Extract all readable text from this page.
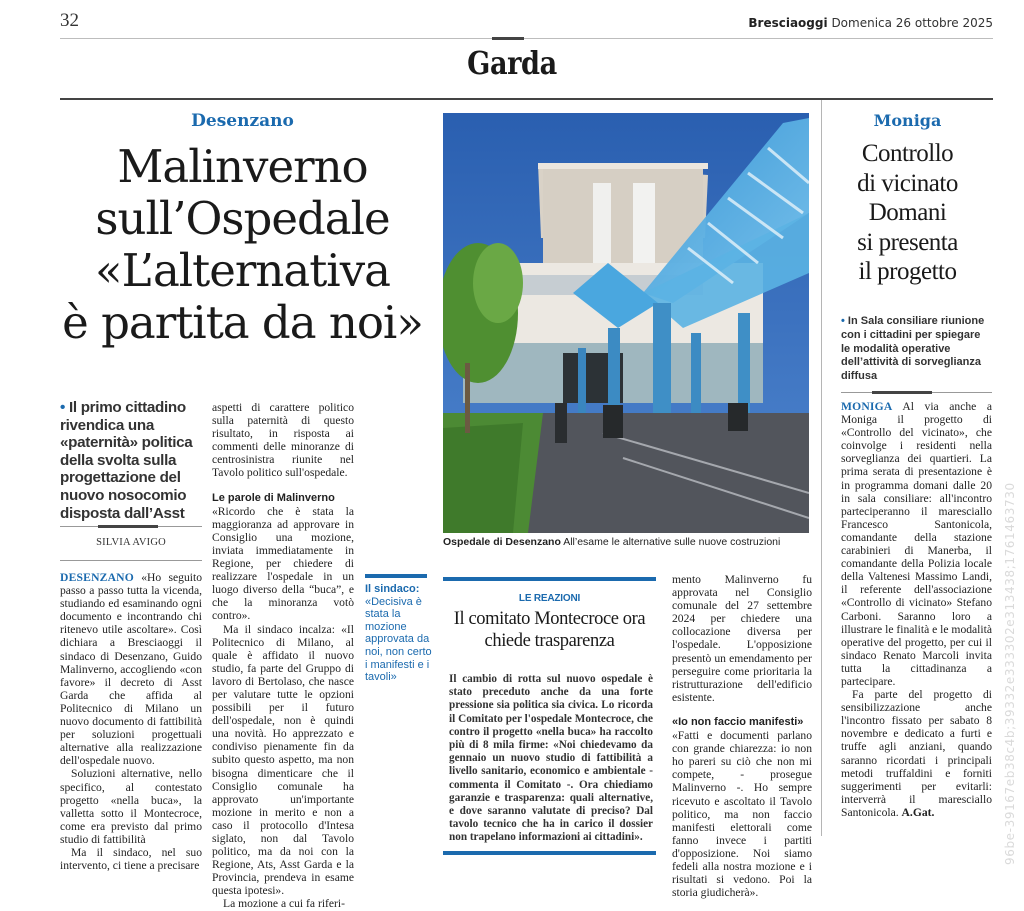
32	Bresciaoggi Domenica 26 ottobre 2025
Garda
Desenzano
Malinverno
sull’Ospedale
«L’alternativa
è partita da noi»
• Il primo cittadino rivendica una «paternità» politica della svolta sulla progettazione del nuovo nosocomio disposta dall’Asst
SILVIA AVIGO

DESENZANO «Ho seguito passo a passo tutta la vicenda, studiando ed esaminando ogni documento e incontrando chi ritenevo utile ascoltare». Così dichiara a Bresciaoggi il sindaco di Desenzano, Guido Malinverno, accogliendo «con favore» il decreto di Asst Garda che affida al Politecnico di Milano un nuovo documento di fattibilità per soluzioni progettuali alternative alla realizzazione dell'ospedale nuovo.

Soluzioni alternative, nello specifico, al contestato progetto «nella buca», la valletta sotto il Montecroce, come era previsto dal primo studio di fattibilità

Ma il sindaco, nel suo intervento, ci tiene a precisare

aspetti di carattere politico sulla paternità di questo risultato, in risposta ai commenti delle minoranze di centrosinistra riunite nel Tavolo politico sull'ospedale.

Le parole di Malinverno

«Ricordo che è stata la maggioranza ad approvare in Consiglio una mozione, inviata immediatamente in Regione, per chiedere di realizzare l'ospedale in un luogo diverso della “buca”, e che la minoranza votò contro».

Ma il sindaco incalza: «Il Politecnico di Milano, al quale è affidato il nuovo studio, fa parte del Gruppo di lavoro di Bertolaso, che nasce per valutare tutte le opzioni possibili per il futuro dell'ospedale, non è quindi una novità. Ho apprezzato e condiviso pienamente fin da subito questo aspetto, ma non bisogna dimenticare che il Consiglio comunale ha approvato un'importante mozione in merito e non a caso il protocollo d'Intesa siglato, non dal Tavolo politico, ma da noi con la Regione, Ats, Asst Garda e la Provincia, prendeva in esame questa ipotesi».

La mozione a cui fa riferi-

Il sindaco:
«Decisiva è stata la mozione approvata da noi, non certo i manifesti e i tavoli»
Ospedale di Desenzano All’esame le alternative sulle nuove costruzioni
LE REAZIONI
Il comitato Montecroce ora chiede trasparenza
Il cambio di rotta sul nuovo ospedale è stato preceduto anche da una forte pressione sia politica sia civica. Lo ricorda il Comitato per l'ospedale Montecroce, che contro il progetto «nella buca» ha raccolto più di 8 mila firme: «Noi chiedevamo da gennaio un nuovo studio di fattibilità a livello sanitario, economico e ambientale - commenta il Comitato -. Ora chiediamo garanzie e trasparenza: quali alternative, e dove saranno valutate di preciso? Dal tavolo tecnico che ha in carico il dossier non trapelano informazioni ai cittadini».

mento Malinverno fu approvata nel Consiglio comunale del 27 settembre 2024 per chiedere una collocazione diversa per l'ospedale. L'opposizione presentò un emendamento per perseguire come prioritaria la ristrutturazione dell'edificio esistente.

«Io non faccio manifesti»

«Fatti e documenti parlano con grande chiarezza: io non ho pareri su ciò che non mi compete, - prosegue Malinverno -. Ho sempre ricevuto e ascoltato il Tavolo politico, ma non faccio manifesti elettorali come fanno invece i partiti d'opposizione. Noi siamo fedeli alla nostra mozione e i risultati si vedono. Poi la storia giudicherà».

Moniga
Controllo
di vicinato
Domani
si presenta
il progetto
• In Sala consiliare riunione con i cittadini per spiegare le modalità operative dell’attività di sorveglianza diffusa

MONIGA Al via anche a Moniga il progetto di «Controllo del vicinato», che coinvolge i residenti nella sorveglianza dei quartieri. La prima serata di presentazione è in programma domani dalle 20 in sala consiliare: all'incontro parteciperanno il maresciallo Francesco Santonicola, comandante della stazione carabinieri di Manerba, il comandante della Polizia locale della Valtenesi Massimo Landi, il referente dell'associazione «Controllo di vicinato» Stefano Carboni. Saranno loro a illustrare le finalità e le modalità operative del progetto, per cui il sindaco Renato Marcoli invita tutta la cittadinanza a partecipare.

Fa parte del progetto di sensibilizzazione anche l'incontro fissato per sabato 8 novembre e dedicato a furti e truffe agli anziani, quando saranno ricordati i principali metodi truffaldini e forniti suggerimenti per evitarli: interverrà il maresciallo Santonicola. A.Gat.	96be-39167eb38c4b;39332e333302e313438;1761463730
